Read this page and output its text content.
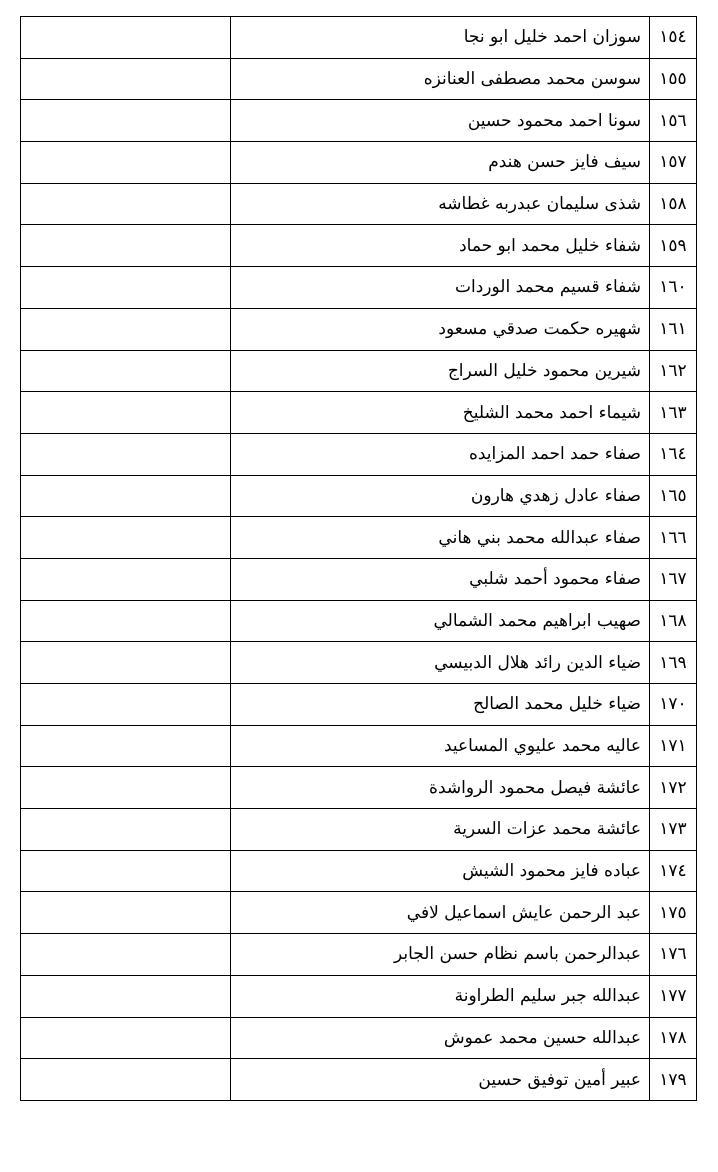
١٥٤	سوزان احمد خليل ابو نجا	
١٥٥	سوسن محمد مصطفى العنانزه	
١٥٦	سونا احمد محمود حسين	
١٥٧	سيف فايز حسن هندم	
١٥٨	شذى سليمان عبدربه غطاشه	
١٥٩	شفاء خليل محمد ابو حماد	
١٦٠	شفاء قسيم محمد الوردات	
١٦١	شهيره حكمت صدقي مسعود	
١٦٢	شيرين محمود خليل السراج	
١٦٣	شيماء احمد محمد الشليخ	
١٦٤	صفاء حمد احمد المزايده	
١٦٥	صفاء عادل زهدي هارون	
١٦٦	صفاء عبدالله محمد بني هاني	
١٦٧	صفاء محمود أحمد شلبي	
١٦٨	صهيب ابراهيم محمد الشمالي	
١٦٩	ضياء الدين رائد هلال الدبيسي	
١٧٠	ضياء خليل محمد الصالح	
١٧١	عاليه محمد عليوي المساعيد	
١٧٢	عائشة فيصل محمود الرواشدة	
١٧٣	عائشة محمد عزات السرية	
١٧٤	عباده فايز محمود الشيش	
١٧٥	عبد الرحمن عايش اسماعيل لافي	
١٧٦	عبدالرحمن باسم نظام حسن الجابر	
١٧٧	عبدالله جبر سليم الطراونة	
١٧٨	عبدالله حسين محمد عموش	
١٧٩	عبير أمين توفيق حسين	
